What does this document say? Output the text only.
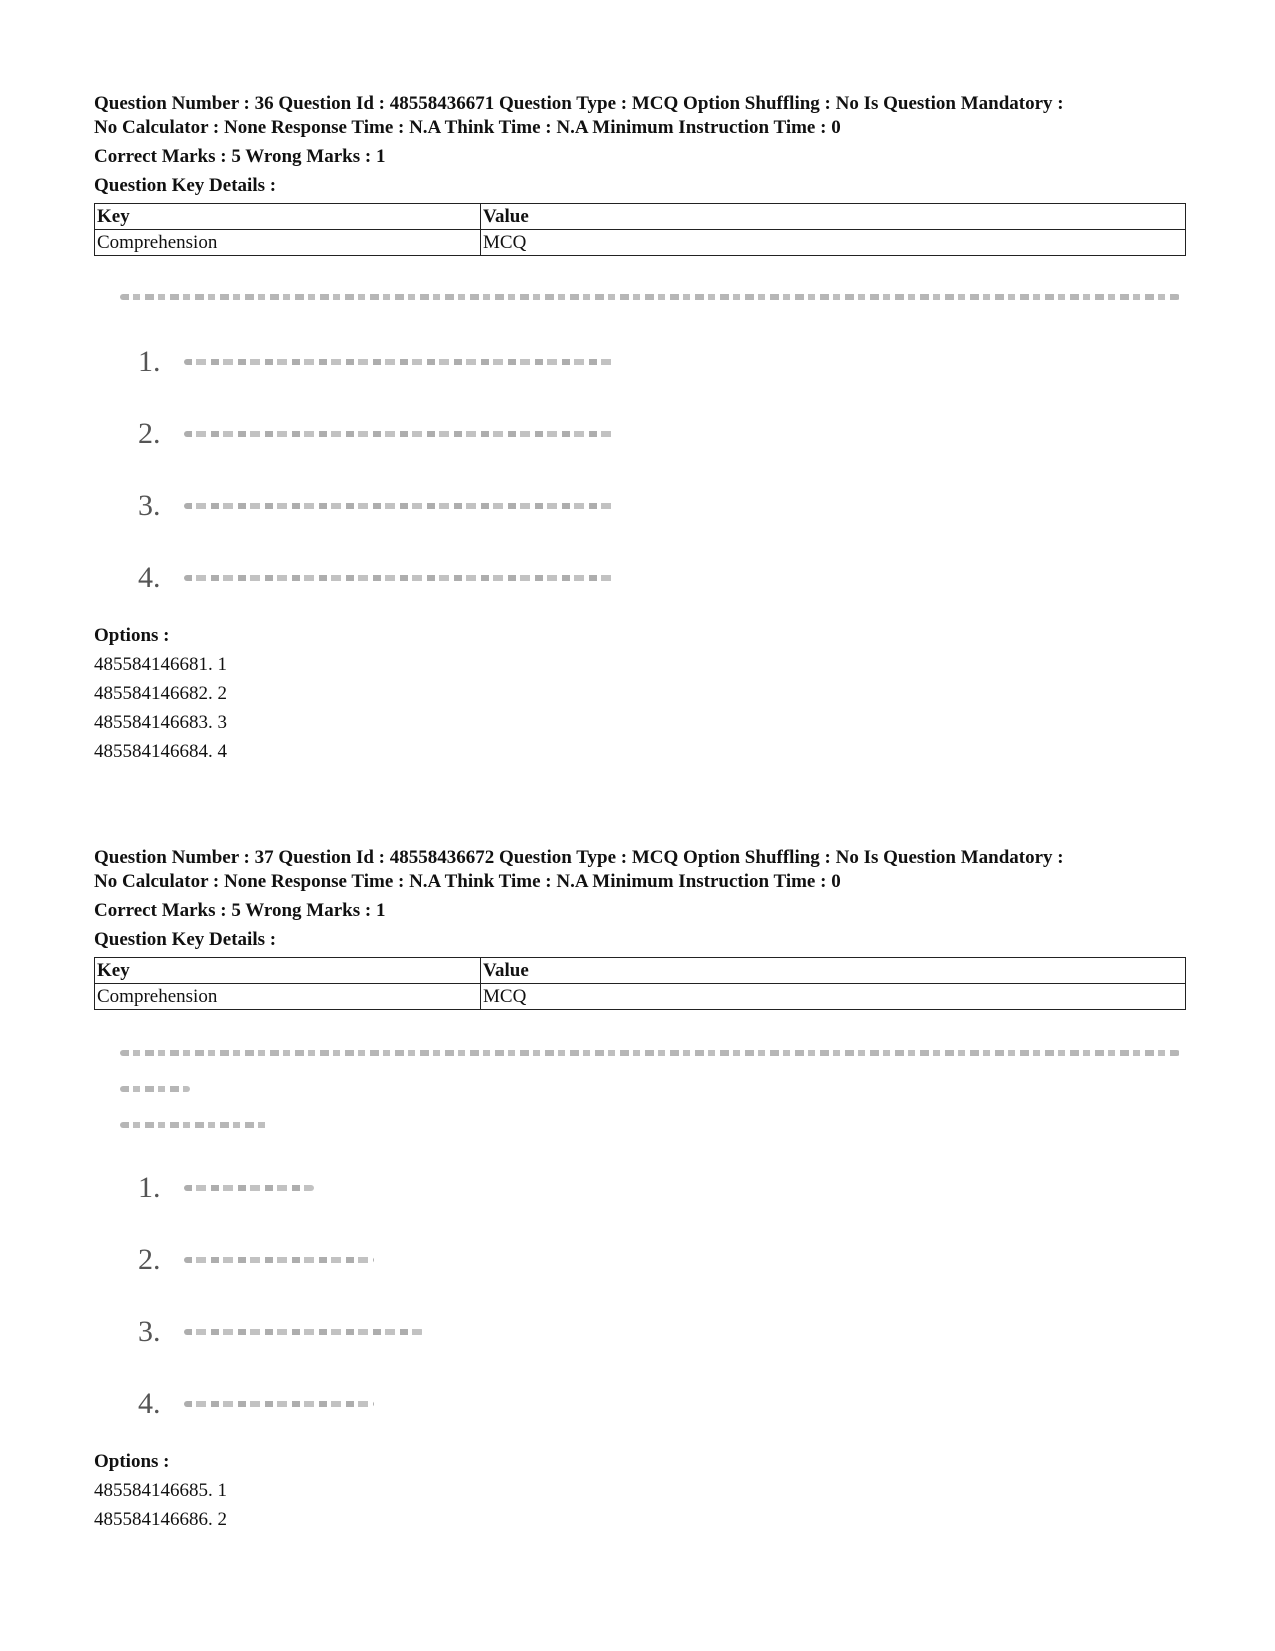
Question Number : 36 Question Id : 48558436671 Question Type : MCQ Option Shuffling : No Is Question Mandatory :

No Calculator : None Response Time : N.A Think Time : N.A Minimum Instruction Time : 0

Correct Marks : 5 Wrong Marks : 1

Question Key Details :

Key	Value
Comprehension	MCQ
1.
2.
3.
4.
Options :
485584146681. 1
485584146682. 2
485584146683. 3
485584146684. 4

Question Number : 37 Question Id : 48558436672 Question Type : MCQ Option Shuffling : No Is Question Mandatory :

No Calculator : None Response Time : N.A Think Time : N.A Minimum Instruction Time : 0

Correct Marks : 5 Wrong Marks : 1

Question Key Details :

Key	Value
Comprehension	MCQ
1.
2.
3.
4.
Options :
485584146685. 1
485584146686. 2
